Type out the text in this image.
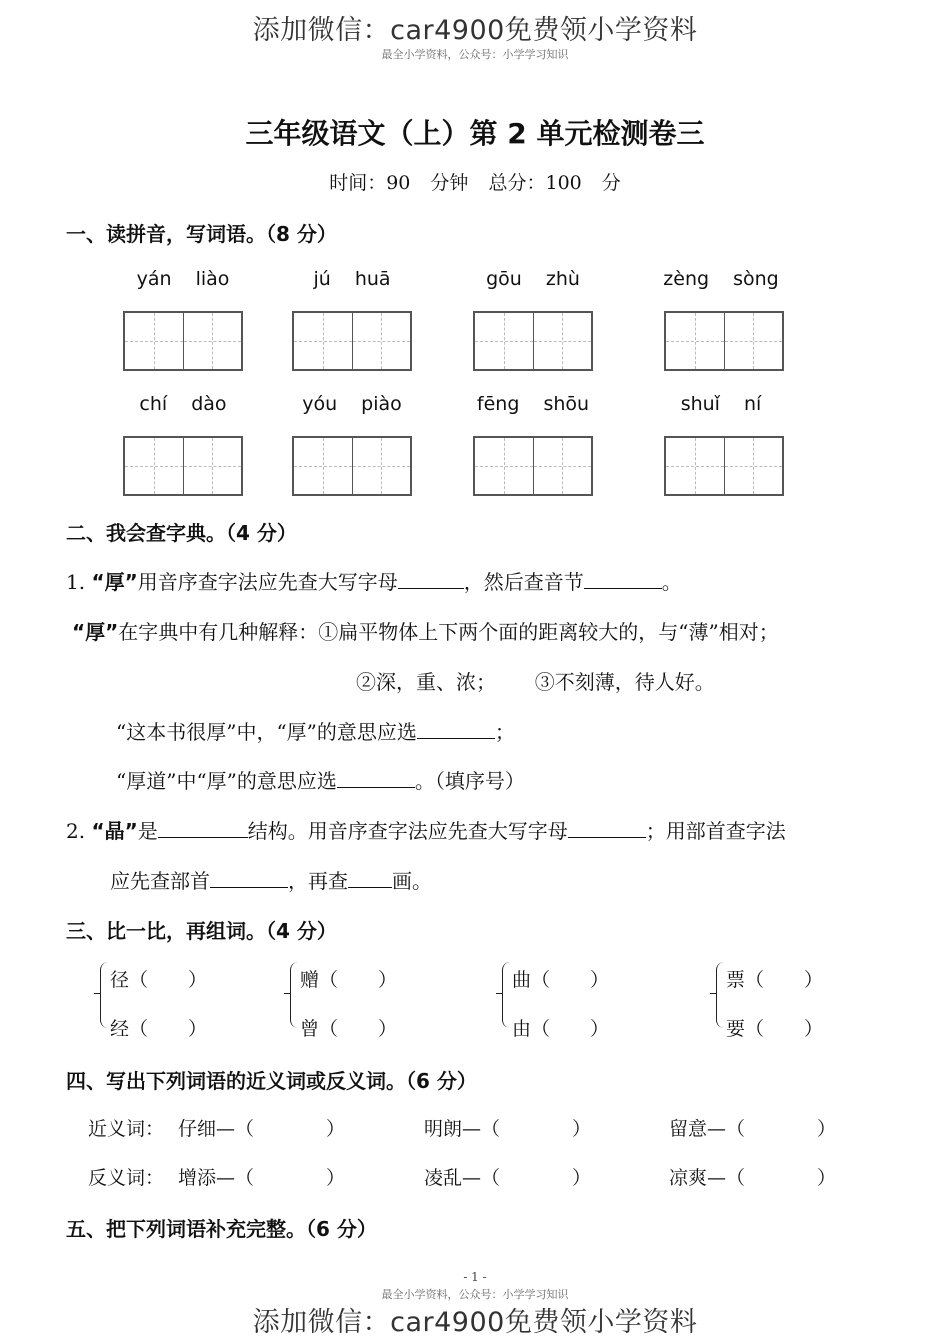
添加微信：car4900免费领小学资料
最全小学资料，公众号：小学学习知识
三年级语文（上）第 2 单元检测卷三
时间：90 分钟 总分：100 分
一、读拼音，写词语。（8 分）
yán liào	jú huā	gōu zhù	zèng sòng
chí dào	yóu piào	fēng shōu	shuǐ ní
二、我会查字典。（4 分）
1. “厚”用音序查字法应先查大写字母	，然后查音节	。
“厚”在字典中有几种解释：①扁平物体上下两个面的距离较大的，与“薄”相对；
②深，重、浓； ③不刻薄，待人好。
“这本书很厚”中，“厚”的意思应选	；
“厚道”中“厚”的意思应选	。（填序号）
2. “晶”是	结构。用音序查字法应先查大写字母	；用部首查字法
应先查部首	，再查 画。
三、比一比，再组词。（4 分）
径（ ）
经（ ）
赠（ ）
曾（ ）
曲（ ）
由（ ）
票（ ）
要（ ）
四、写出下列词语的近义词或反义词。（6 分）
近义词： 仔细—（	）	明朗—（	）	留意—（	）
反义词： 增添—（	）	凌乱—（	）	凉爽—（	）
五、把下列词语补充完整。（6 分）
- 1 -
最全小学资料，公众号：小学学习知识
添加微信：car4900免费领小学资料
